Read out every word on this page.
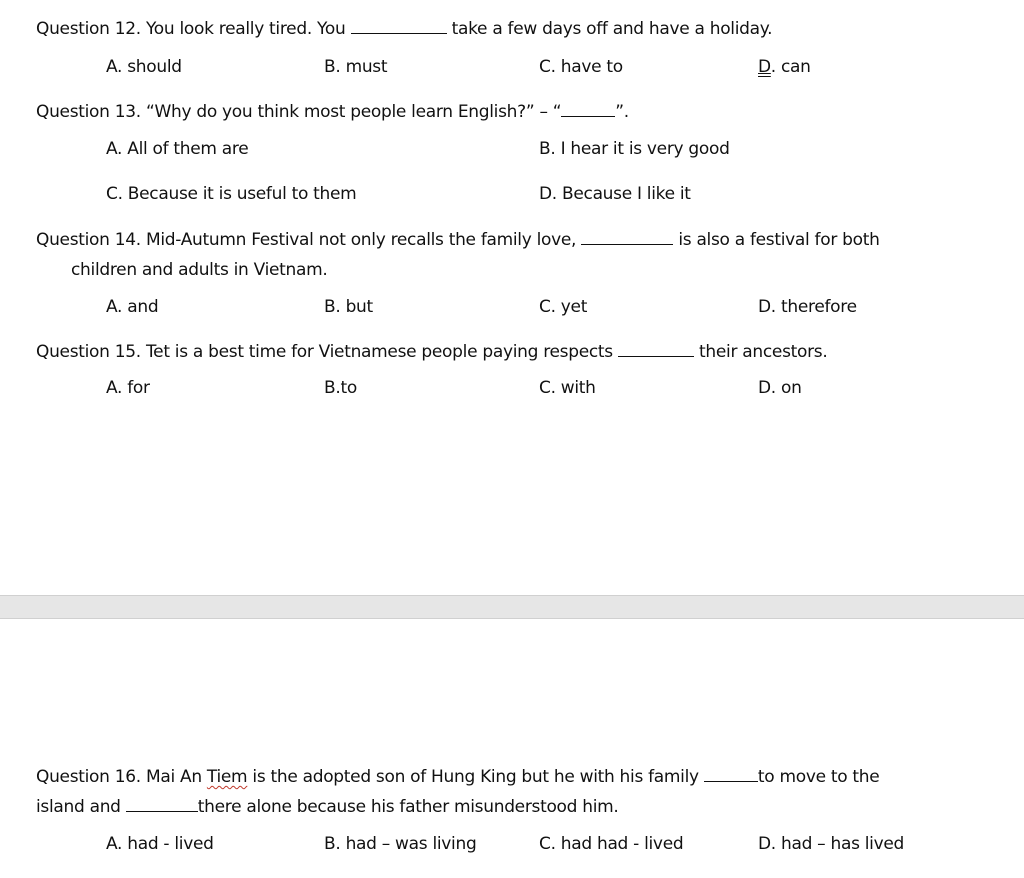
Question 12. You look really tired. You	take a few days off and have a holiday.
A. should	B. must	C. have to	D. can
Question 13. “Why do you think most people learn English?” – “	”.
A. All of them are	B. I hear it is very good
C. Because it is useful to them	D. Because I like it
Question 14. Mid-Autumn Festival not only recalls the family love,	is also a festival for both
children and adults in Vietnam.
A. and	B. but	C. yet	D. therefore
Question 15. Tet is a best time for Vietnamese people paying respects	their ancestors.
A. for	B.to	C. with	D. on
Question 16. Mai An Tiem is the adopted son of Hung King but he with his family	to move to the
island and	there alone because his father misunderstood him.
A. had - lived	B. had – was living	C. had had - lived	D. had – has lived
